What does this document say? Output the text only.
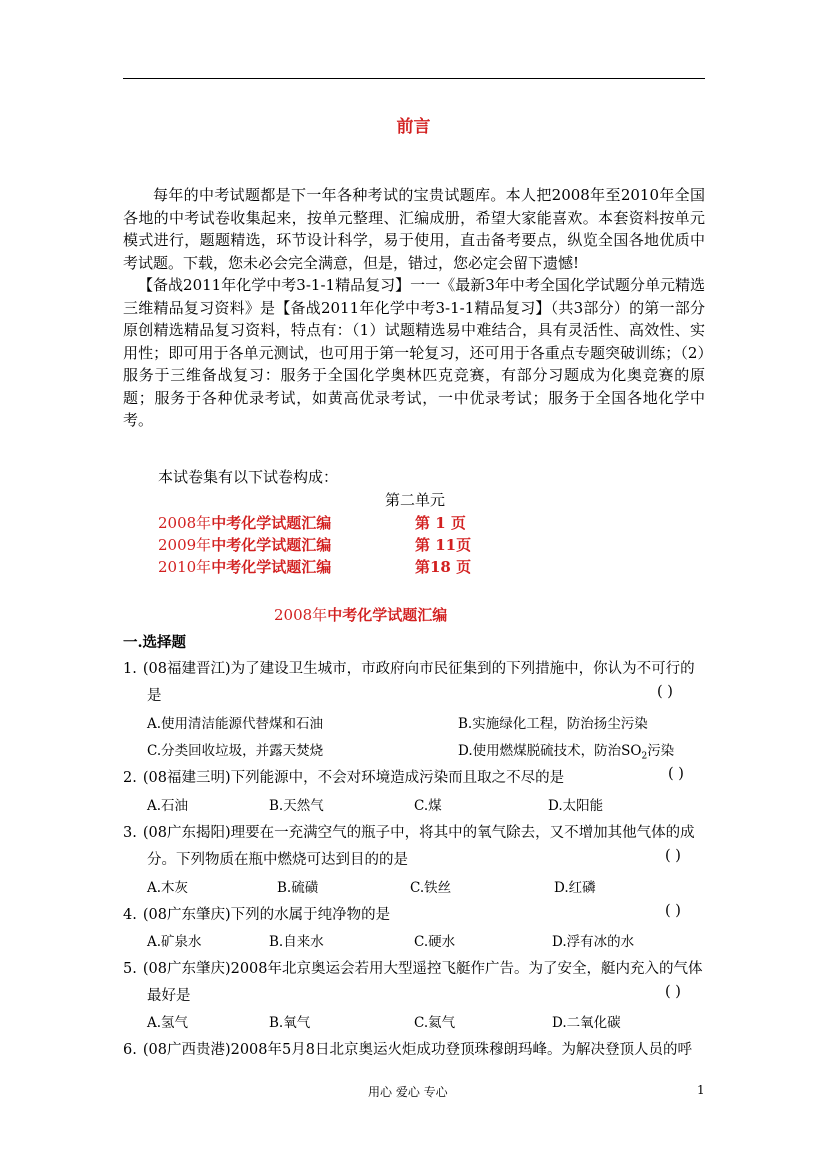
前言

每年的中考试题都是下一年各种考试的宝贵试题库。本人把2008年至2010年全国各地的中考试卷收集起来，按单元整理、汇编成册，希望大家能喜欢。本套资料按单元模式进行，题题精选，环节设计科学，易于使用，直击备考要点，纵览全国各地优质中考试题。下载，您未必会完全满意，但是，错过，您必定会留下遗憾!

【备战2011年化学中考3-1-1精品复习】一一《最新3年中考全国化学试题分单元精选三维精品复习资料》是【备战2011年化学中考3-1-1精品复习】（共3部分）的第一部分原创精选精品复习资料，特点有：（1）试题精选易中难结合，具有灵活性、高效性、实用性；即可用于各单元测试，也可用于第一轮复习，还可用于各重点专题突破训练；（2）服务于三维备战复习：服务于全国化学奥林匹克竞赛，有部分习题成为化奥竞赛的原题；服务于各种优录考试，如黄高优录考试，一中优录考试；服务于全国各地化学中考。

本试卷集有以下试卷构成：
第二单元
2008年中考化学试题汇编	第 1 页
2009年中考化学试题汇编	第 11页
2010年中考化学试题汇编	第18 页
2008年中考化学试题汇编
一.选择题
1. (08福建晋江)为了建设卫生城市，市政府向市民征集到的下列措施中，你认为不可行的
是	( )
A.使用清洁能源代替煤和石油	B.实施绿化工程，防治扬尘污染
C.分类回收垃圾，并露天焚烧	D.使用燃煤脱硫技术，防治$SO_2$污染
2. (08福建三明)下列能源中，不会对环境造成污染而且取之不尽的是	( )
A.石油	B.天然气	C.煤	D.太阳能
3. (08广东揭阳)理要在一充满空气的瓶子中，将其中的氧气除去，又不增加其他气体的成
分。下列物质在瓶中燃烧可达到目的的是	( )
A.木灰	B.硫磺	C.铁丝	D.红磷
4. (08广东肇庆)下列的水属于纯净物的是	( )
A.矿泉水	B.自来水	C.硬水	D.浮有冰的水
5. (08广东肇庆)2008年北京奥运会若用大型遥控飞艇作广告。为了安全，艇内充入的气体
最好是	( )
A.氢气	B.氧气	C.氦气	D.二氧化碳
6. (08广西贵港)2008年5月8日北京奥运火炬成功登顶珠穆朗玛峰。为解决登顶人员的呼
用心 爱心 专心	1
